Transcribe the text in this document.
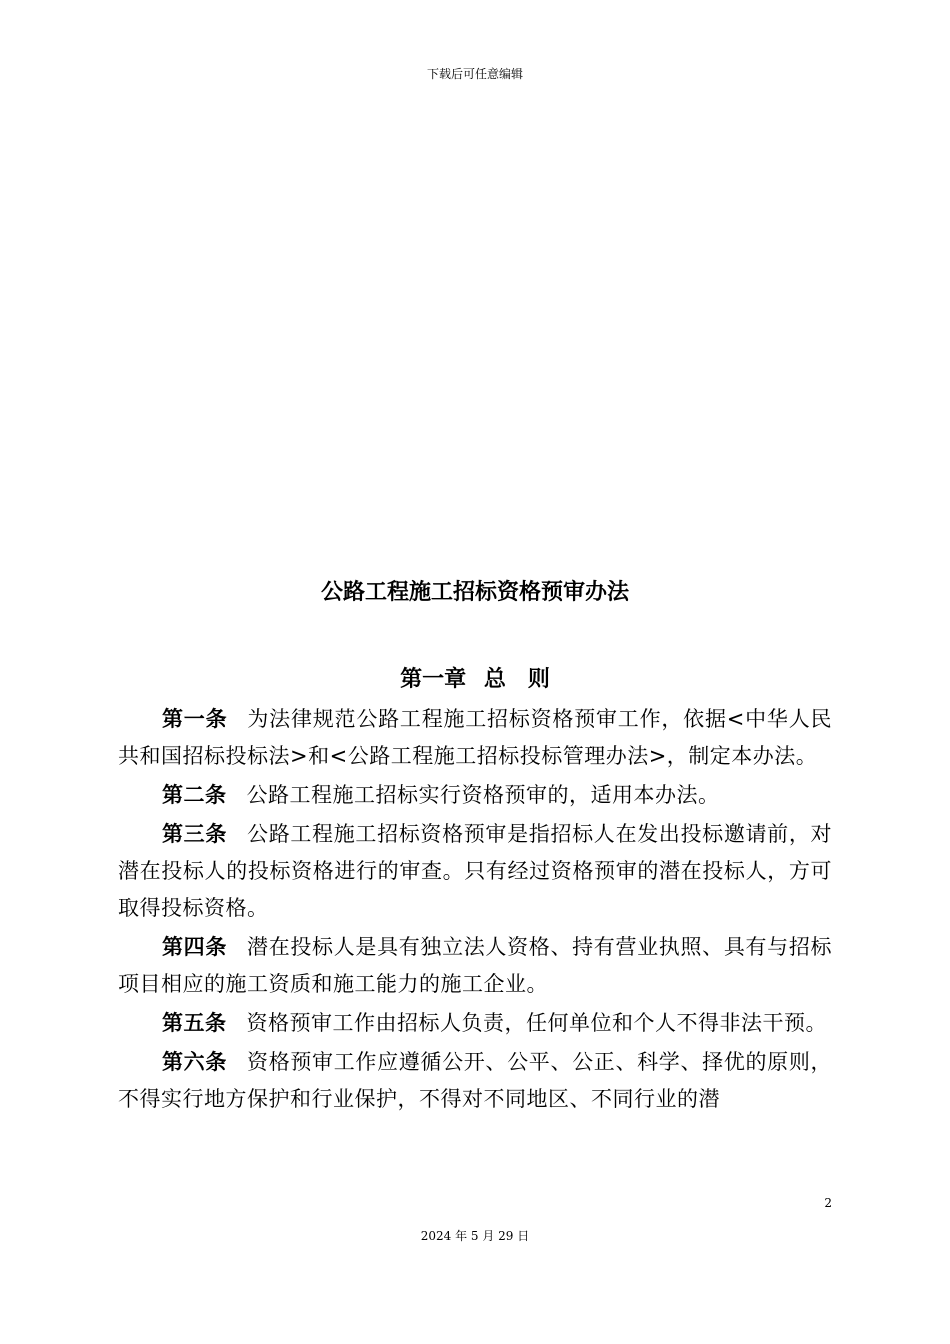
下载后可任意编辑
公路工程施工招标资格预审办法
第一章 总　则

第一条 为法律规范公路工程施工招标资格预审工作，依据<中华人民共和国招标投标法>和<公路工程施工招标投标管理办法>，制定本办法。

第二条 公路工程施工招标实行资格预审的，适用本办法。

第三条 公路工程施工招标资格预审是指招标人在发出投标邀请前，对潜在投标人的投标资格进行的审查。只有经过资格预审的潜在投标人，方可取得投标资格。

第四条 潜在投标人是具有独立法人资格、持有营业执照、具有与招标项目相应的施工资质和施工能力的施工企业。

第五条 资格预审工作由招标人负责，任何单位和个人不得非法干预。

第六条 资格预审工作应遵循公开、公平、公正、科学、择优的原则，不得实行地方保护和行业保护，不得对不同地区、不同行业的潜

2
2024 年 5 月 29 日
